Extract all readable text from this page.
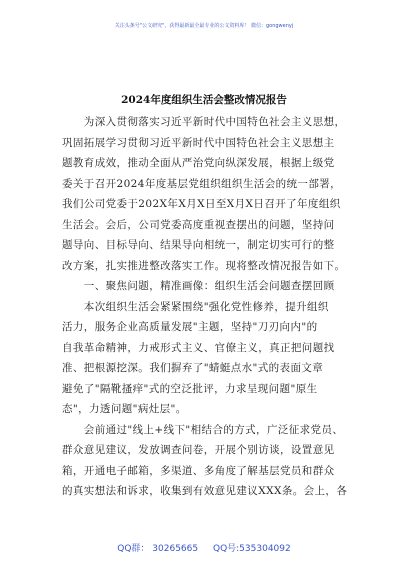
关注头条号"公文研究"，获得最新最全最专业的公文资料库！ 微信：gongwenyj
2024年度组织生活会整改情况报告
　　为深入贯彻落实习近平新时代中国特色社会主义思想，
巩固拓展学习贯彻习近平新时代中国特色社会主义思想主
题教育成效，推动全面从严治党向纵深发展，根据上级党
委关于召开2024年度基层党组织组织生活会的统一部署，
我们公司党委于202X年X月X日至X月X日召开了年度组织
生活会。会后，公司党委高度重视查摆出的问题，坚持问
题导向、目标导向、结果导向相统一，制定切实可行的整
改方案，扎实推进整改落实工作。现将整改情况报告如下。
　　一、聚焦问题，精准画像：组织生活会问题查摆回顾
　　本次组织生活会紧紧围绕"强化党性修养，提升组织
活力，服务企业高质量发展"主题，坚持"刀刃向内"的
自我革命精神，力戒形式主义、官僚主义，真正把问题找
准、把根源挖深。我们摒弃了"蜻蜓点水"式的表面文章
避免了"隔靴搔痒"式的空泛批评，力求呈现问题"原生
态"，力透问题"病灶层"。
　　会前通过"线上+线下"相结合的方式，广泛征求党员、
群众意见建议，发放调查问卷，开展个别访谈，设置意见
箱，开通电子邮箱，多渠道、多角度了解基层党员和群众
的真实想法和诉求，收集到有效意见建议XXX条。会上，各
QQ群： 30265665 QQ号:535304092
